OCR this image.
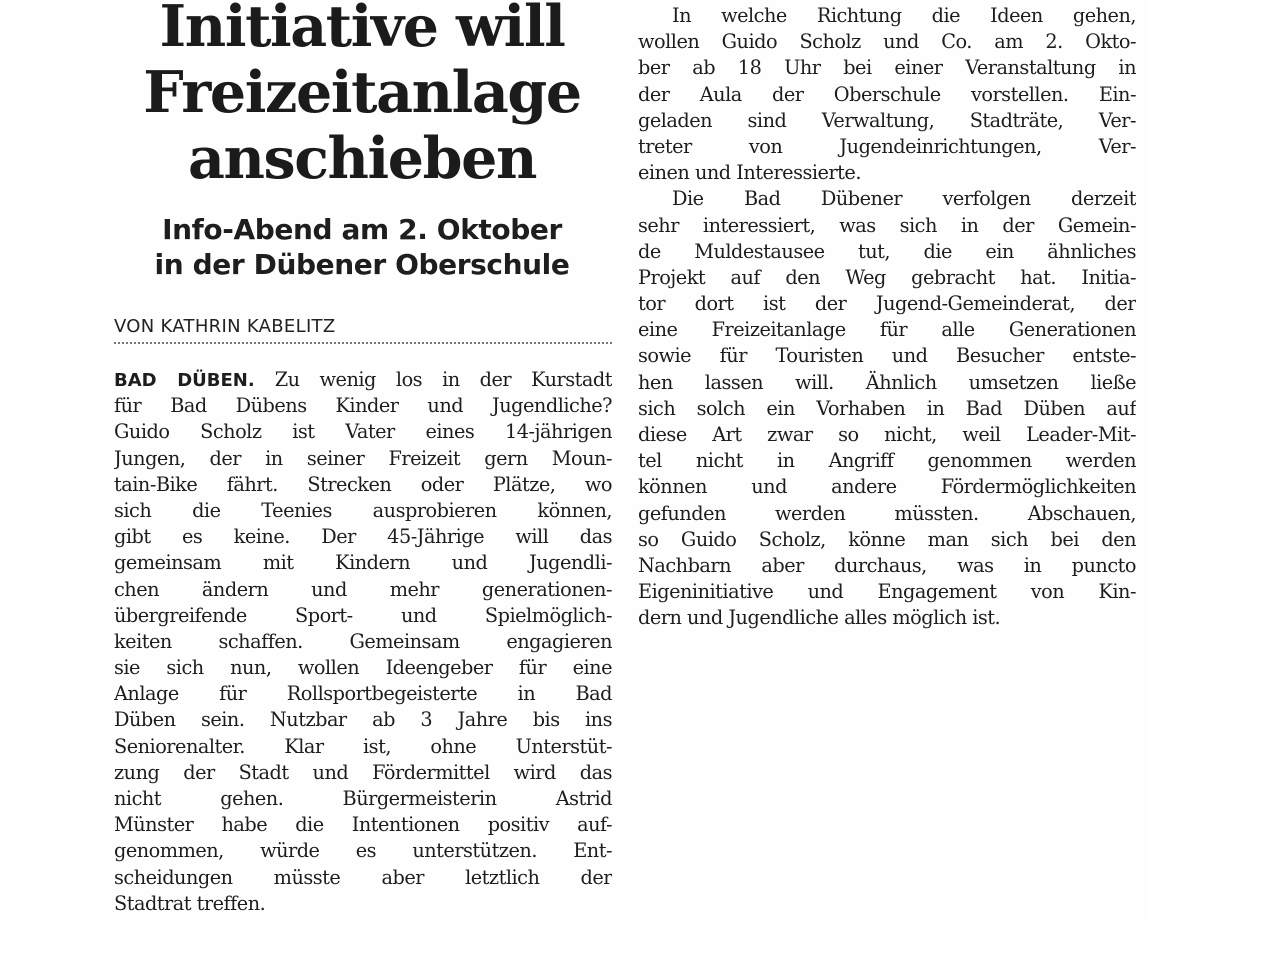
Initiative will
Freizeitanlage
anschieben
Info-Abend am 2. Oktober
in der Dübener Oberschule
VON KATHRIN KABELITZ
BAD DÜBEN. Zu wenig los in der Kurstadt
für Bad Dübens Kinder und Jugendliche?
Guido Scholz ist Vater eines 14-jährigen
Jungen, der in seiner Freizeit gern Moun-
tain-Bike fährt. Strecken oder Plätze, wo
sich die Teenies ausprobieren können,
gibt es keine. Der 45-Jährige will das
gemeinsam mit Kindern und Jugendli-
chen ändern und mehr generationen-
übergreifende Sport- und Spielmöglich-
keiten schaffen. Gemeinsam engagieren
sie sich nun, wollen Ideengeber für eine
Anlage für Rollsportbegeisterte in Bad
Düben sein. Nutzbar ab 3 Jahre bis ins
Seniorenalter. Klar ist, ohne Unterstüt-
zung der Stadt und Fördermittel wird das
nicht gehen. Bürgermeisterin Astrid
Münster habe die Intentionen positiv auf-
genommen, würde es unterstützen. Ent-
scheidungen müsste aber letztlich der
Stadtrat treffen.
In welche Richtung die Ideen gehen,
wollen Guido Scholz und Co. am 2. Okto-
ber ab 18 Uhr bei einer Veranstaltung in
der Aula der Oberschule vorstellen. Ein-
geladen sind Verwaltung, Stadträte, Ver-
treter von Jugendeinrichtungen, Ver-
einen und Interessierte.
Die Bad Dübener verfolgen derzeit
sehr interessiert, was sich in der Gemein-
de Muldestausee tut, die ein ähnliches
Projekt auf den Weg gebracht hat. Initia-
tor dort ist der Jugend-Gemeinderat, der
eine Freizeitanlage für alle Generationen
sowie für Touristen und Besucher entste-
hen lassen will. Ähnlich umsetzen ließe
sich solch ein Vorhaben in Bad Düben auf
diese Art zwar so nicht, weil Leader-Mit-
tel nicht in Angriff genommen werden
können und andere Fördermöglichkeiten
gefunden werden müssten. Abschauen,
so Guido Scholz, könne man sich bei den
Nachbarn aber durchaus, was in puncto
Eigeninitiative und Engagement von Kin-
dern und Jugendliche alles möglich ist.
